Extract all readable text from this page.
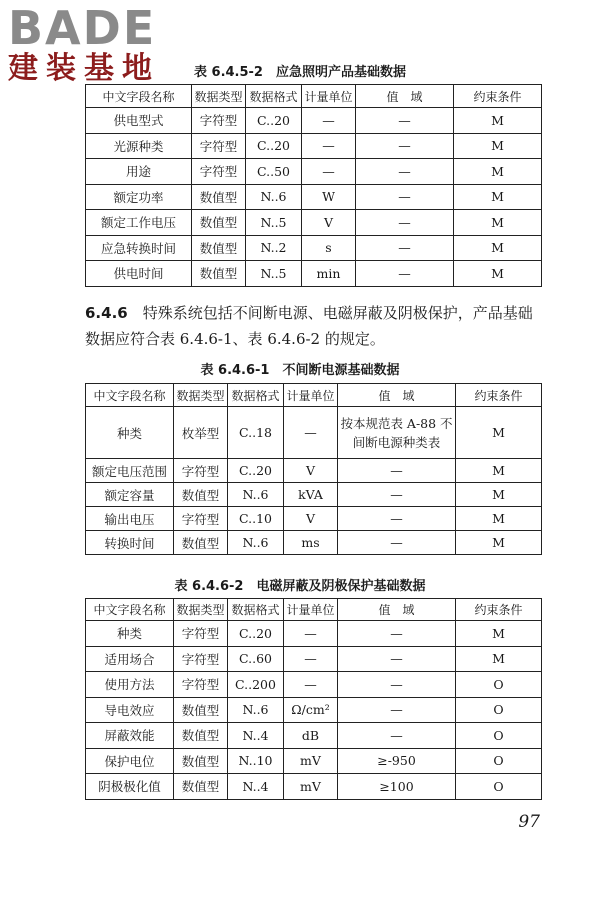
BADE
建装基地	表 6.4.5-2　应急照明产品基础数据
中文字段名称	数据类型	数据格式	计量单位	值　域	约束条件
供电型式	字符型	C..20	—	—	M
光源种类	字符型	C..20	—	—	M
用途	字符型	C..50	—	—	M
额定功率	数值型	N..6	W	—	M
额定工作电压	数值型	N..5	V	—	M
应急转换时间	数值型	N..2	s	—	M
供电时间	数值型	N..5	min	—	M
6.4.6　 特殊系统包括不间断电源、电磁屏蔽及阴极保护，产品基础数据应符合表 6.4.6-1、表 6.4.6-2 的规定。
表 6.4.6-1　不间断电源基础数据
中文字段名称	数据类型	数据格式	计量单位	值　域	约束条件
种类	枚举型	C..18	—	按本规范表 A-88 不间断电源种类表	M
额定电压范围	字符型	C..20	V	—	M
额定容量	数值型	N..6	kVA	—	M
输出电压	字符型	C..10	V	—	M
转换时间	数值型	N..6	ms	—	M
表 6.4.6-2　电磁屏蔽及阴极保护基础数据
中文字段名称	数据类型	数据格式	计量单位	值　域	约束条件
种类	字符型	C..20	—	—	M
适用场合	字符型	C..60	—	—	M
使用方法	字符型	C..200	—	—	O
导电效应	数值型	N..6	Ω/cm²	—	O
屏蔽效能	数值型	N..4	dB	—	O
保护电位	数值型	N..10	mV	≥-950	O
阴极极化值	数值型	N..4	mV	≥100	O
97
